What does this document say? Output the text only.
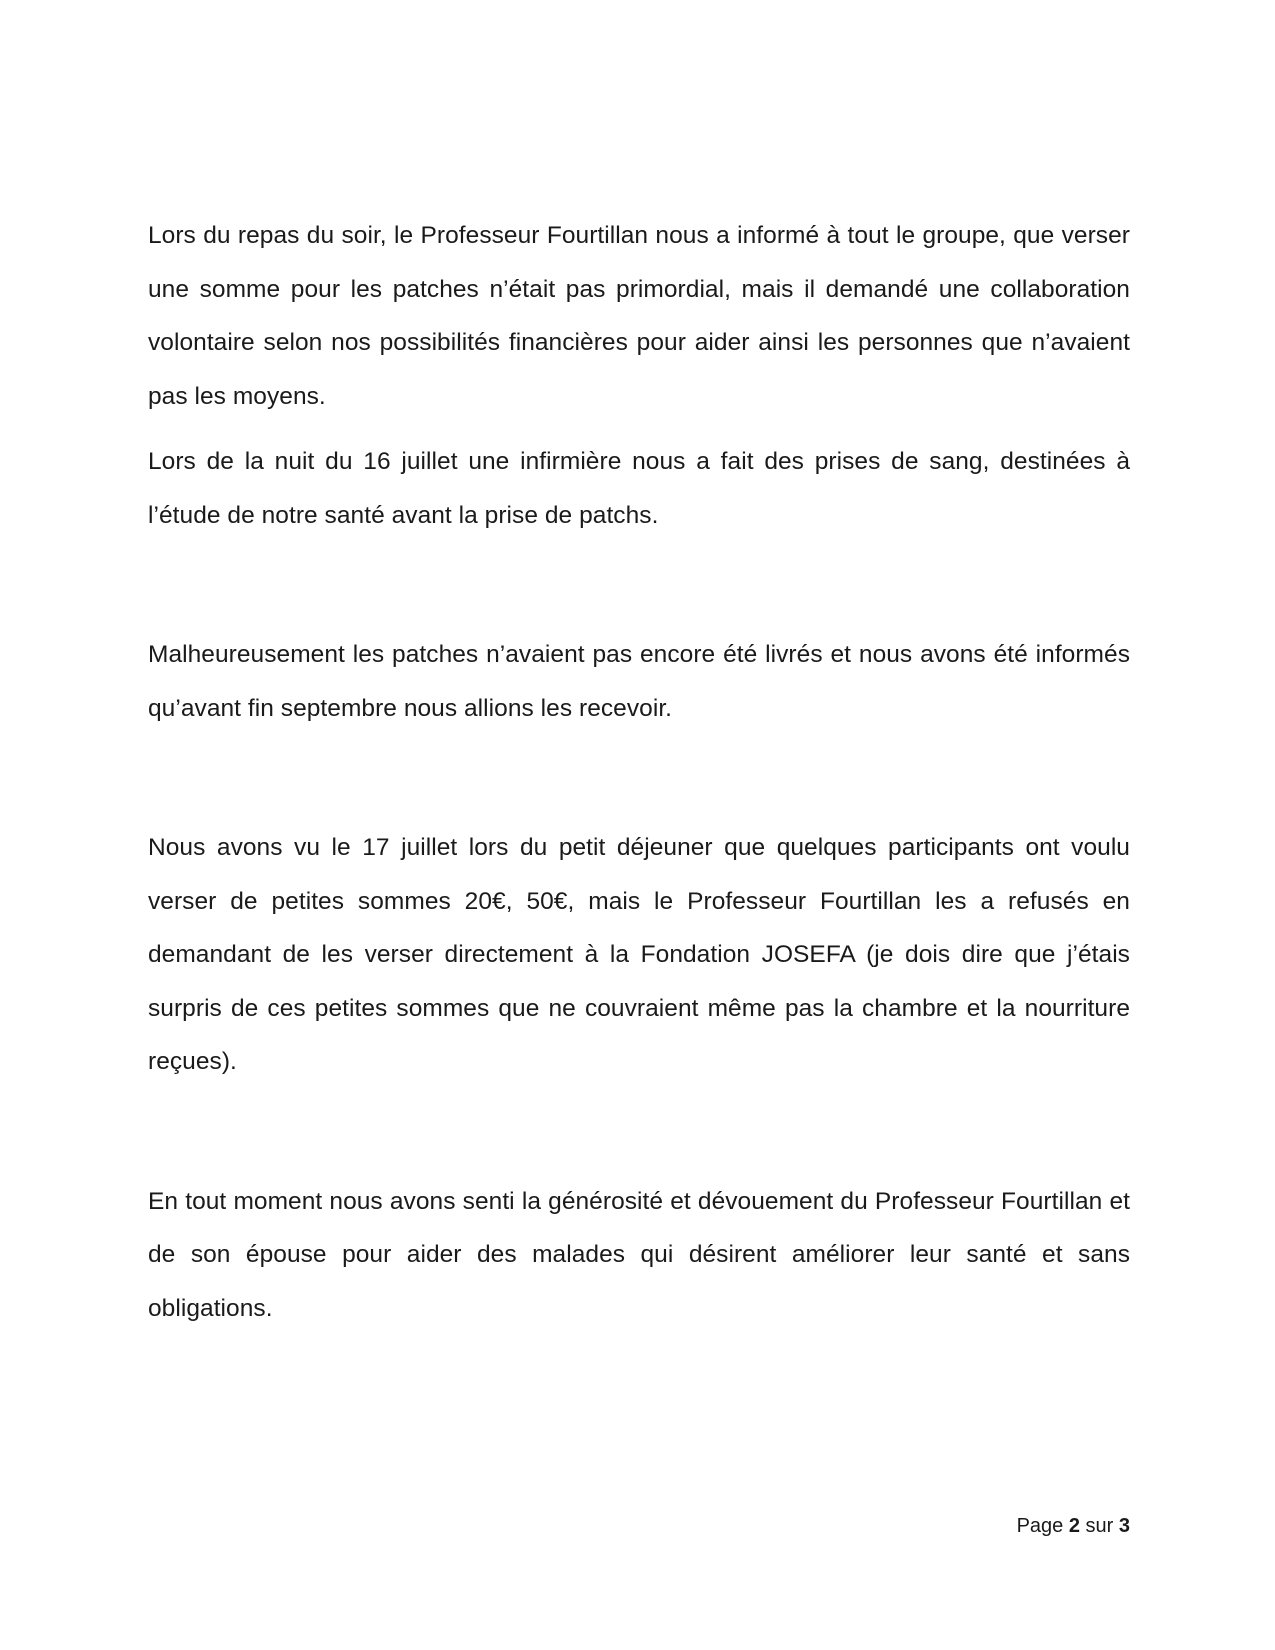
Lors du repas du soir, le Professeur Fourtillan nous a informé à tout le groupe, que verser une somme pour les patches n’était pas primordial, mais il demandé une collaboration volontaire selon nos possibilités financières pour aider ainsi les personnes que n’avaient pas les moyens.

Lors de la nuit du 16 juillet une infirmière nous a fait des prises de sang, destinées à l’étude de notre santé avant la prise de patchs.

Malheureusement les patches n’avaient pas encore été livrés et nous avons été informés qu’avant fin septembre nous allions les recevoir.

Nous avons vu le 17 juillet lors du petit déjeuner que quelques participants ont voulu verser de petites sommes 20€, 50€, mais le Professeur Fourtillan les a refusés en demandant de les verser directement à la Fondation JOSEFA (je dois dire que j’étais surpris de ces petites sommes que ne couvraient même pas la chambre et la nourriture reçues).

En tout moment nous avons senti la générosité et dévouement du Professeur Fourtillan et de son épouse pour aider des malades qui désirent améliorer leur santé et sans obligations.

Page 2 sur 3
